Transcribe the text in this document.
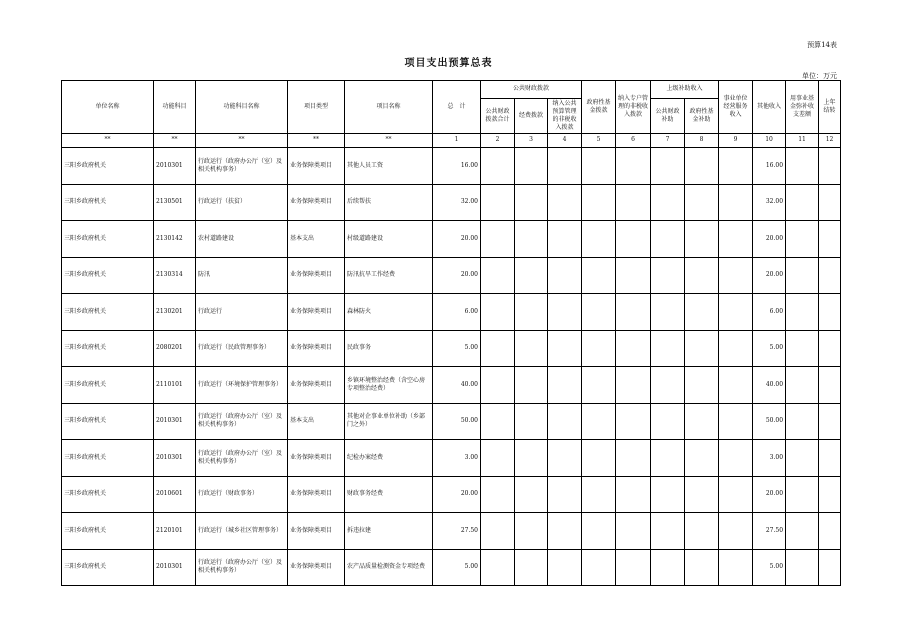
预算14表
项目支出预算总表
单位：万元
单位名称	功能科目	功能科目名称	项目类型	项目名称	总　计	公共财政拨款			政府性基金拨款	纳入专户管理的非税收入拨款	上级补助收入		事业单位经营服务收入	其他收入	用事业基金弥补收支差额	上年结转
						公共财政拨款合计	经费拨款	纳入公共预算管理的非税收入拨款			公共财政补助	政府性基金补助				
**	**	**	**	**	1	2	3	4	5	6	7	8	9	10	11	12
三阳乡政府机关	2010301	行政运行（政府办公厅（室）及相关机构事务）	业务保障类项目	其他人员工资	16.00									16.00		
三阳乡政府机关	2130501	行政运行（扶贫）	业务保障类项目	后续帮扶	32.00									32.00		
三阳乡政府机关	2130142	农村道路建设	基本支出	村级道路建设	20.00									20.00		
三阳乡政府机关	2130314	防汛	业务保障类项目	防汛抗旱工作经费	20.00									20.00		
三阳乡政府机关	2130201	行政运行	业务保障类项目	森林防火	6.00									6.00		
三阳乡政府机关	2080201	行政运行（民政管理事务）	业务保障类项目	民政事务	5.00									5.00		
三阳乡政府机关	2110101	行政运行（环境保护管理事务）	业务保障类项目	乡镇环境整治经费（含空心房专项整治经费）	40.00									40.00		
三阳乡政府机关	2010301	行政运行（政府办公厅（室）及相关机构事务）	基本支出	其他对企事业单位补助（乡部门之外）	50.00									50.00		
三阳乡政府机关	2010301	行政运行（政府办公厅（室）及相关机构事务）	业务保障类项目	纪检办案经费	3.00									3.00		
三阳乡政府机关	2010601	行政运行（财政事务）	业务保障类项目	财政事务经费	20.00									20.00		
三阳乡政府机关	2120101	行政运行（城乡社区管理事务）	业务保障类项目	拆违拉建	27.50									27.50		
三阳乡政府机关	2010301	行政运行（政府办公厅（室）及相关机构事务）	业务保障类项目	农产品质量检测资金专项经费	5.00									5.00		
